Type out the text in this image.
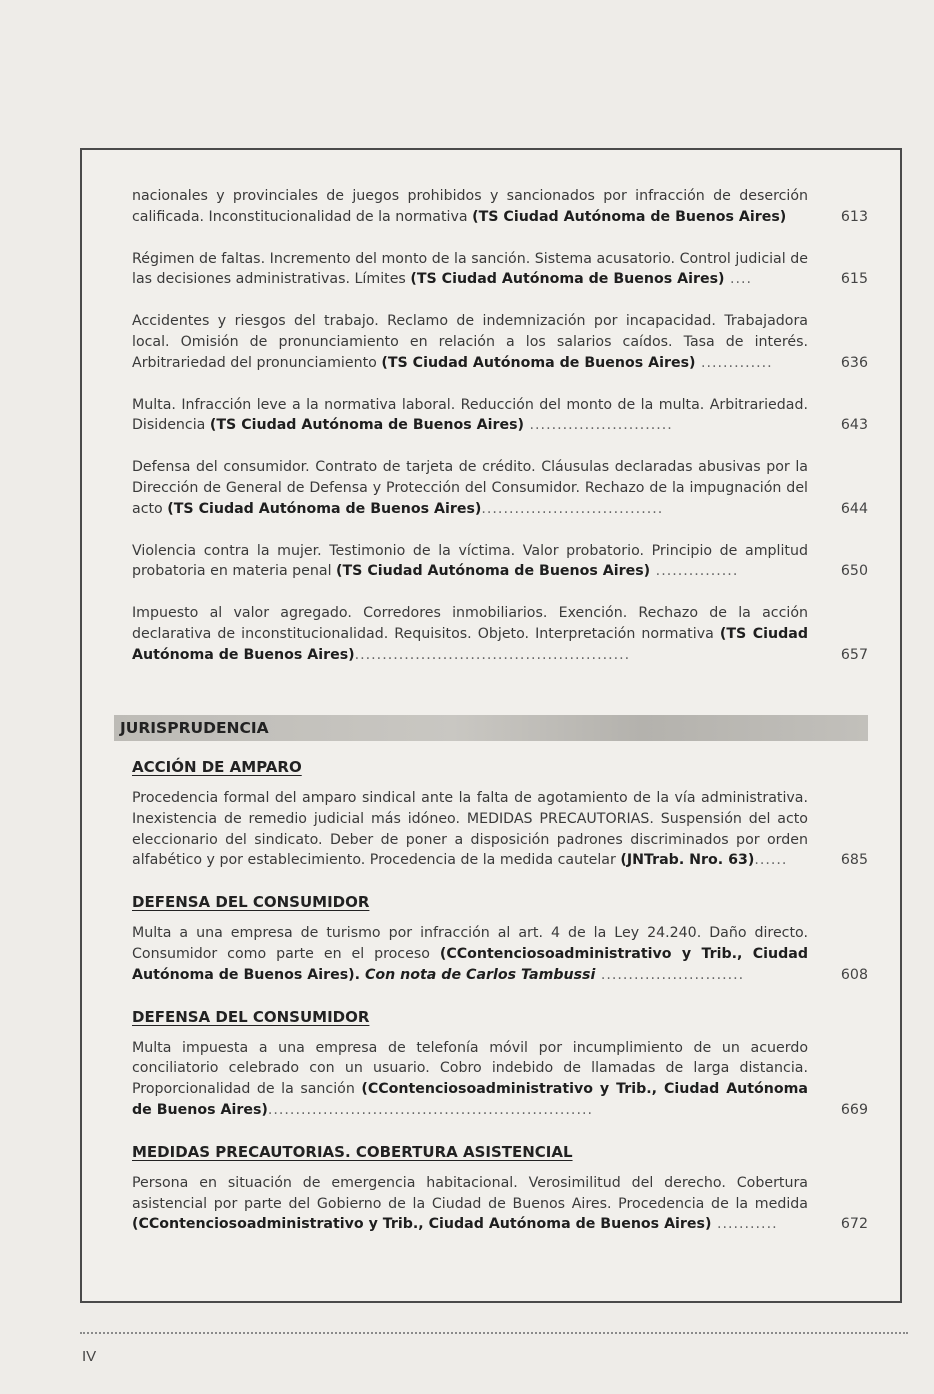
nacionales y provinciales de juegos prohibidos y sancionados por infracción de deserción calificada. Inconstitucionalidad de la normativa (TS Ciudad Autónoma de Buenos Aires)	613
Régimen de faltas. Incremento del monto de la sanción. Sistema acusatorio. Control judicial de las decisiones administrativas. Límites (TS Ciudad Autónoma de Buenos Aires) ....	615
Accidentes y riesgos del trabajo. Reclamo de indemnización por incapacidad. Trabajadora local. Omisión de pronunciamiento en relación a los salarios caídos. Tasa de interés. Arbitrariedad del pronunciamiento (TS Ciudad Autónoma de Buenos Aires) .............	636
Multa. Infracción leve a la normativa laboral. Reducción del monto de la multa. Arbitrariedad. Disidencia (TS Ciudad Autónoma de Buenos Aires) ..........................	643
Defensa del consumidor. Contrato de tarjeta de crédito. Cláusulas declaradas abusivas por la Dirección de General de Defensa y Protección del Consumidor. Rechazo de la impugnación del acto (TS Ciudad Autónoma de Buenos Aires).................................	644
Violencia contra la mujer. Testimonio de la víctima. Valor probatorio. Principio de amplitud probatoria en materia penal (TS Ciudad Autónoma de Buenos Aires) ...............	650
Impuesto al valor agregado. Corredores inmobiliarios. Exención. Rechazo de la acción declarativa de inconstitucionalidad. Requisitos. Objeto. Interpretación normativa (TS Ciudad Autónoma de Buenos Aires)..................................................	657
JURISPRUDENCIA
ACCIÓN DE AMPARO
Procedencia formal del amparo sindical ante la falta de agotamiento de la vía administrativa. Inexistencia de remedio judicial más idóneo. MEDIDAS PRECAUTORIAS. Suspensión del acto eleccionario del sindicato. Deber de poner a disposición padrones discriminados por orden alfabético y por establecimiento. Procedencia de la medida cautelar (JNTrab. Nro. 63)......	685
DEFENSA DEL CONSUMIDOR
Multa a una empresa de turismo por infracción al art. 4 de la Ley 24.240. Daño directo. Consumidor como parte en el proceso (CContenciosoadministrativo y Trib., Ciudad Autónoma de Buenos Aires). Con nota de Carlos Tambussi ..........................	608
DEFENSA DEL CONSUMIDOR
Multa impuesta a una empresa de telefonía móvil por incumplimiento de un acuerdo conciliatorio celebrado con un usuario. Cobro indebido de llamadas de larga distancia. Proporcionalidad de la sanción (CContenciosoadministrativo y Trib., Ciudad Autónoma de Buenos Aires)...........................................................	669
MEDIDAS PRECAUTORIAS. COBERTURA ASISTENCIAL
Persona en situación de emergencia habitacional. Verosimilitud del derecho. Cobertura asistencial por parte del Gobierno de la Ciudad de Buenos Aires. Procedencia de la medida (CContenciosoadministrativo y Trib., Ciudad Autónoma de Buenos Aires) ...........	672
IV
